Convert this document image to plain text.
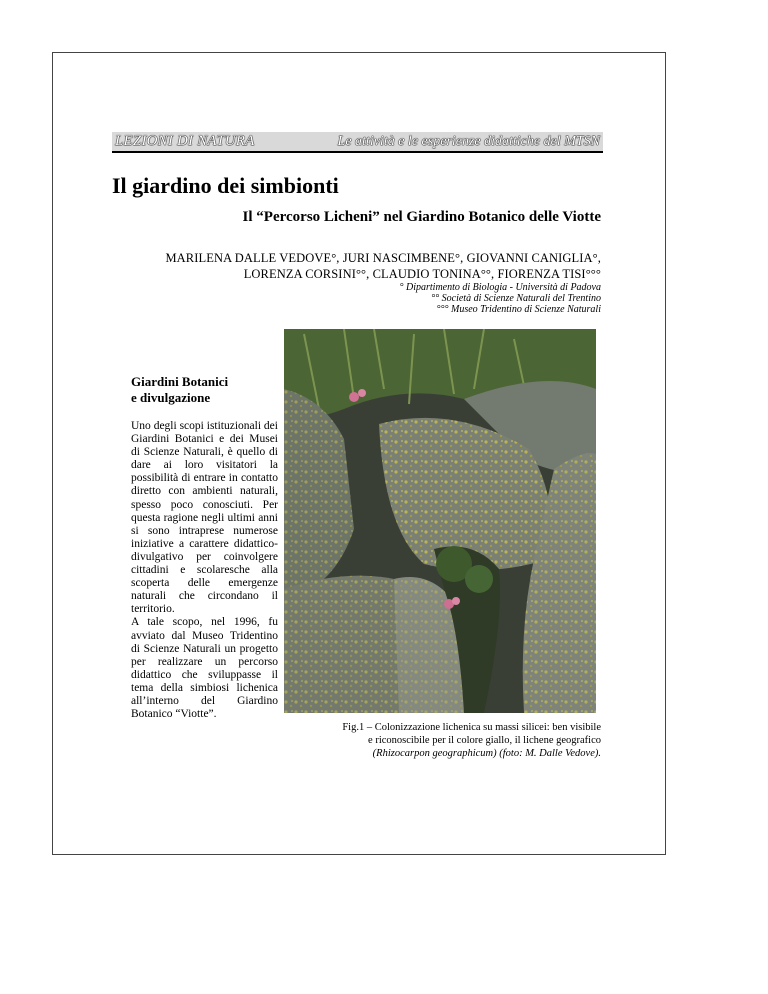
LEZIONI DI NATURA	Le attività e le esperienze didattiche del MTSN
Il giardino dei simbionti
Il “Percorso Licheni” nel Giardino Botanico delle Viotte
MARILENA DALLE VEDOVE°, JURI NASCIMBENE°, GIOVANNI CANIGLIA°,
LORENZA CORSINI°°, CLAUDIO TONINA°°, FIORENZA TISI°°°
° Dipartimento di Biologia - Università di Padova
°° Società di Scienze Naturali del Trentino
°°° Museo Tridentino di Scienze Naturali
Giardini Botanici
e divulgazione

Uno degli scopi istituzionali dei Giardini Botanici e dei Musei di Scienze Naturali, è quello di dare ai loro visitatori la possibilità di entrare in contatto diretto con ambienti naturali, spesso poco conosciuti. Per questa ragione negli ultimi anni si sono intraprese numerose iniziative a carattere didattico-divulgativo per coinvolgere cittadini e scolaresche alla scoperta delle emergenze naturali che circondano il territorio.

A tale scopo, nel 1996, fu avviato dal Museo Tridentino di Scienze Naturali un progetto per realizzare un percorso didattico che sviluppasse il tema della simbiosi lichenica all’interno del Giardino Botanico “Viotte”.

Fig.1 – Colonizzazione lichenica su massi silicei: ben visibile
e riconoscibile per il colore giallo, il lichene geografico
(Rhizocarpon geographicum) (foto: M. Dalle Vedove).
